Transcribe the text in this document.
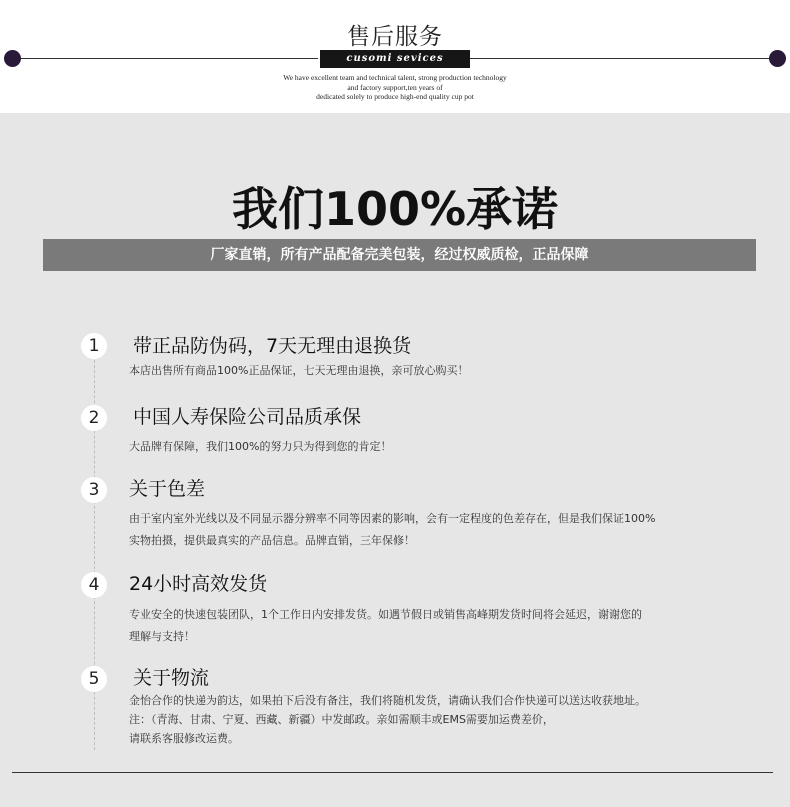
售后服务
cusomi sevices
We have excellent team and technical talent, strong production technology
and factory support,ten years of
dedicated solely to produce high-end quality cup pot
我们100%承诺
厂家直销，所有产品配备完美包装，经过权威质检，正品保障
1	带正品防伪码，7天无理由退换货
本店出售所有商品100%正品保证，七天无理由退换，亲可放心购买！
2	中国人寿保险公司品质承保
大品牌有保障，我们100%的努力只为得到您的肯定！
3	关于色差
由于室内室外光线以及不同显示器分辨率不同等因素的影响，会有一定程度的色差存在，但是我们保证100%
实物拍摄，提供最真实的产品信息。品牌直销，三年保修！
4	24小时高效发货
专业安全的快速包装团队，1个工作日内安排发货。如遇节假日或销售高峰期发货时间将会延迟，谢谢您的
理解与支持！
5	关于物流
金怡合作的快递为韵达，如果拍下后没有备注，我们将随机发货，请确认我们合作快递可以送达收获地址。
注：（青海、甘肃、宁夏、西藏、新疆）中发邮政。亲如需顺丰或EMS需要加运费差价，
请联系客服修改运费。
